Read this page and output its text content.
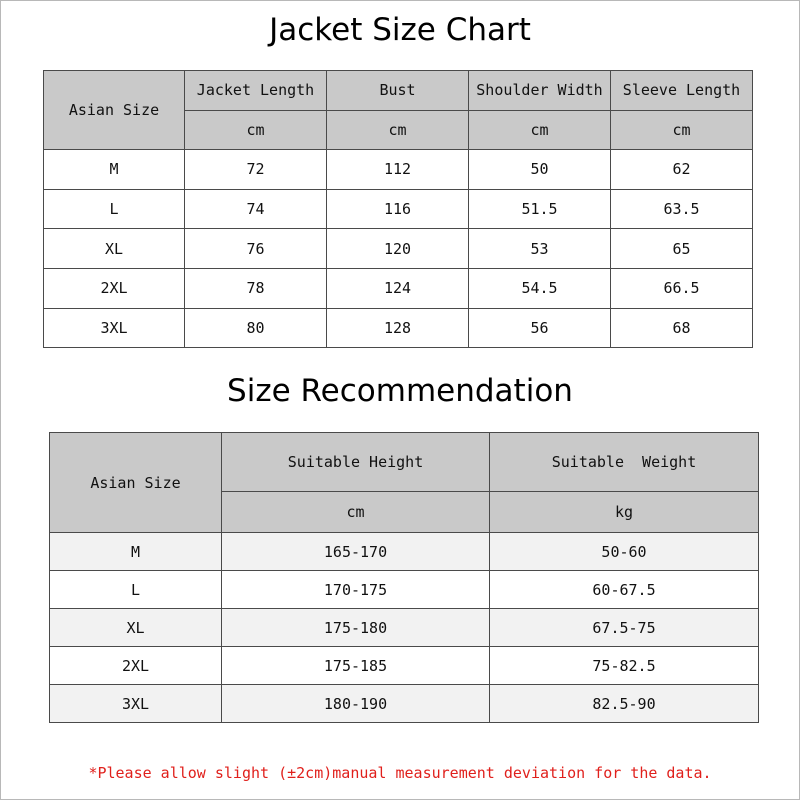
Jacket Size Chart
Asian Size	Jacket Length	Bust	Shoulder Width	Sleeve Length
	cm	cm	cm	cm
M	72	112	50	62
L	74	116	51.5	63.5
XL	76	120	53	65
2XL	78	124	54.5	66.5
3XL	80	128	56	68
Size Recommendation
Asian Size	Suitable Height	Suitable  Weight
	cm	kg
M	165-170	50-60
L	170-175	60-67.5
XL	175-180	67.5-75
2XL	175-185	75-82.5
3XL	180-190	82.5-90
*Please allow slight (±2cm)manual measurement deviation for the data.
